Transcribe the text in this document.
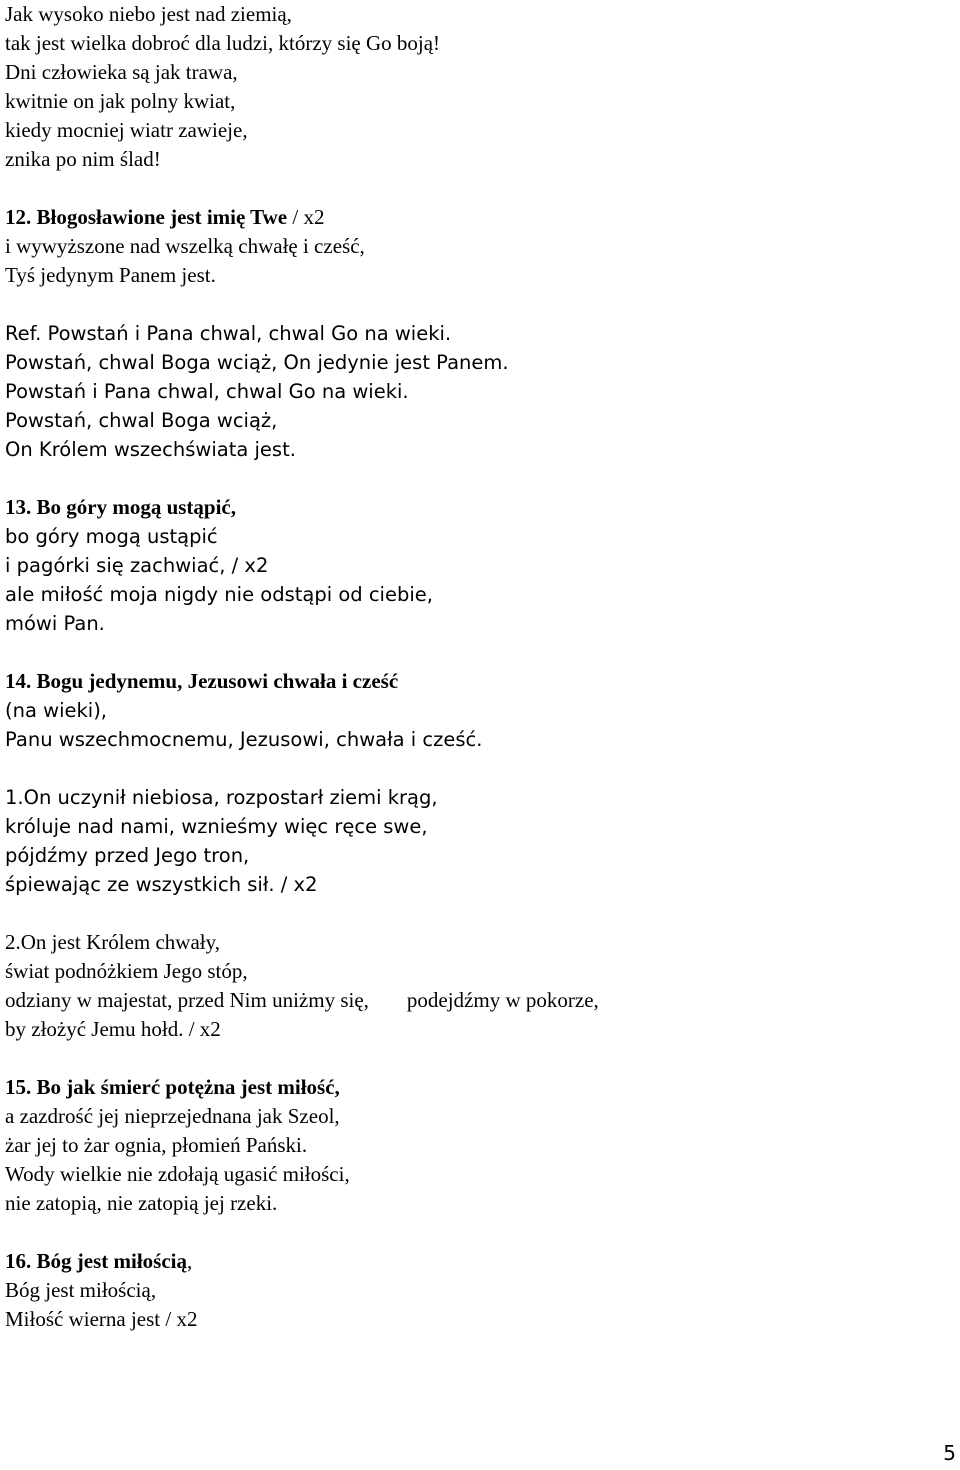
Jak wysoko niebo jest nad ziemią,
tak jest wielka dobroć dla ludzi, którzy się Go boją!
Dni człowieka są jak trawa,
kwitnie on jak polny kwiat,
kiedy mocniej wiatr zawieje,
znika po nim ślad!
12. Błogosławione jest imię Twe / x2
i wywyższone nad wszelką chwałę i cześć,
Tyś jedynym Panem jest.
Ref. Powstań i Pana chwal, chwal Go na wieki.
Powstań, chwal Boga wciąż, On jedynie jest Panem.
Powstań i Pana chwal, chwal Go na wieki.
Powstań, chwal Boga wciąż,
On Królem wszechświata jest.
13. Bo góry mogą ustąpić,
bo góry mogą ustąpić
i pagórki się zachwiać, / x2
ale miłość moja nigdy nie odstąpi od ciebie,
mówi Pan.
14. Bogu jedynemu, Jezusowi chwała i cześć
(na wieki),
Panu wszechmocnemu, Jezusowi, chwała i cześć.
1.On uczynił niebiosa, rozpostarł ziemi krąg,
króluje nad nami, wznieśmy więc ręce swe,
pójdźmy przed Jego tron,
śpiewając ze wszystkich sił. / x2
2.On jest Królem chwały,
świat podnóżkiem Jego stóp,
odziany w majestat, przed Nim uniżmy się, podejdźmy w pokorze,
by złożyć Jemu hołd. / x2
15. Bo jak śmierć potężna jest miłość,
a zazdrość jej nieprzejednana jak Szeol,
żar jej to żar ognia, płomień Pański.
Wody wielkie nie zdołają ugasić miłości,
nie zatopią, nie zatopią jej rzeki.
16. Bóg jest miłością,
Bóg jest miłością,
Miłość wierna jest / x2
5
